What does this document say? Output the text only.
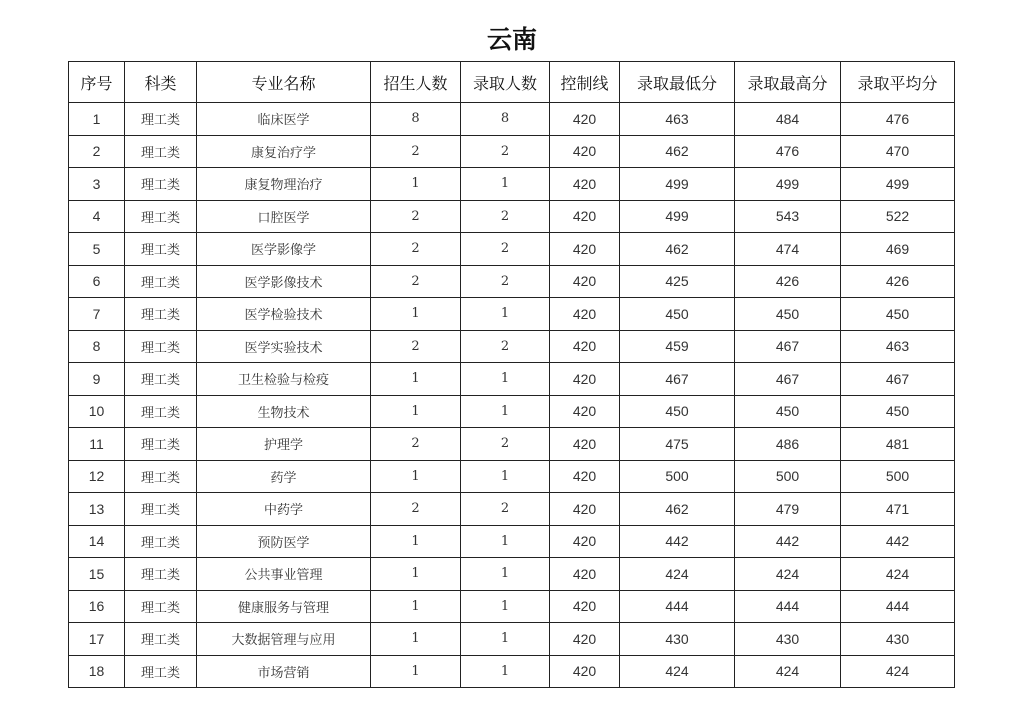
云南
序号	科类	专业名称	招生人数	录取人数	控制线	录取最低分	录取最高分	录取平均分
1	理工类	临床医学	8	8	420	463	484	476
2	理工类	康复治疗学	2	2	420	462	476	470
3	理工类	康复物理治疗	1	1	420	499	499	499
4	理工类	口腔医学	2	2	420	499	543	522
5	理工类	医学影像学	2	2	420	462	474	469
6	理工类	医学影像技术	2	2	420	425	426	426
7	理工类	医学检验技术	1	1	420	450	450	450
8	理工类	医学实验技术	2	2	420	459	467	463
9	理工类	卫生检验与检疫	1	1	420	467	467	467
10	理工类	生物技术	1	1	420	450	450	450
11	理工类	护理学	2	2	420	475	486	481
12	理工类	药学	1	1	420	500	500	500
13	理工类	中药学	2	2	420	462	479	471
14	理工类	预防医学	1	1	420	442	442	442
15	理工类	公共事业管理	1	1	420	424	424	424
16	理工类	健康服务与管理	1	1	420	444	444	444
17	理工类	大数据管理与应用	1	1	420	430	430	430
18	理工类	市场营销	1	1	420	424	424	424
